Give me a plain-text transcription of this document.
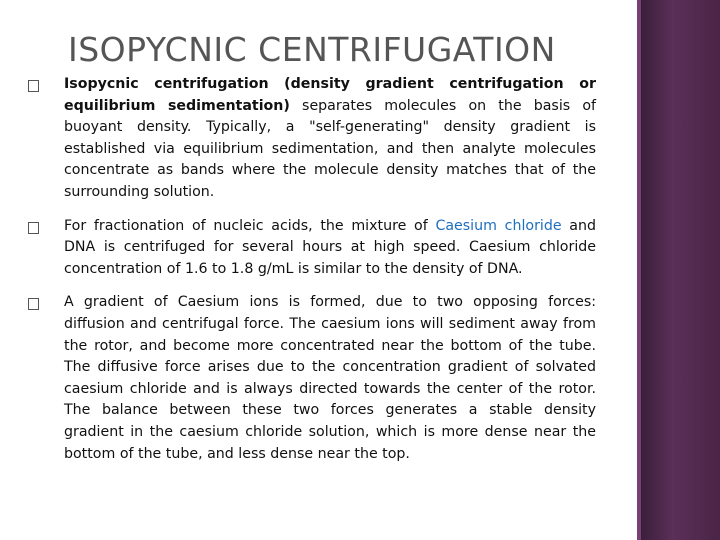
ISOPYCNIC CENTRIFUGATION

Isopycnic centrifugation (density gradient centrifugation or equilibrium sedimentation) separates molecules on the basis of buoyant density. Typically, a "self-generating" density gradient is established via equilibrium sedimentation, and then analyte molecules concentrate as bands where the molecule density matches that of the surrounding solution.

For fractionation of nucleic acids, the mixture of Caesium chloride and DNA is centrifuged for several hours at high speed. Caesium chloride concentration of 1.6 to 1.8 g/mL is similar to the density of DNA.

A gradient of Caesium ions is formed, due to two opposing forces: diffusion and centrifugal force. The caesium ions will sediment away from the rotor, and become more concentrated near the bottom of the tube. The diffusive force arises due to the concentration gradient of solvated caesium chloride and is always directed towards the center of the rotor. The balance between these two forces generates a stable density gradient in the caesium chloride solution, which is more dense near the bottom of the tube, and less dense near the top.
